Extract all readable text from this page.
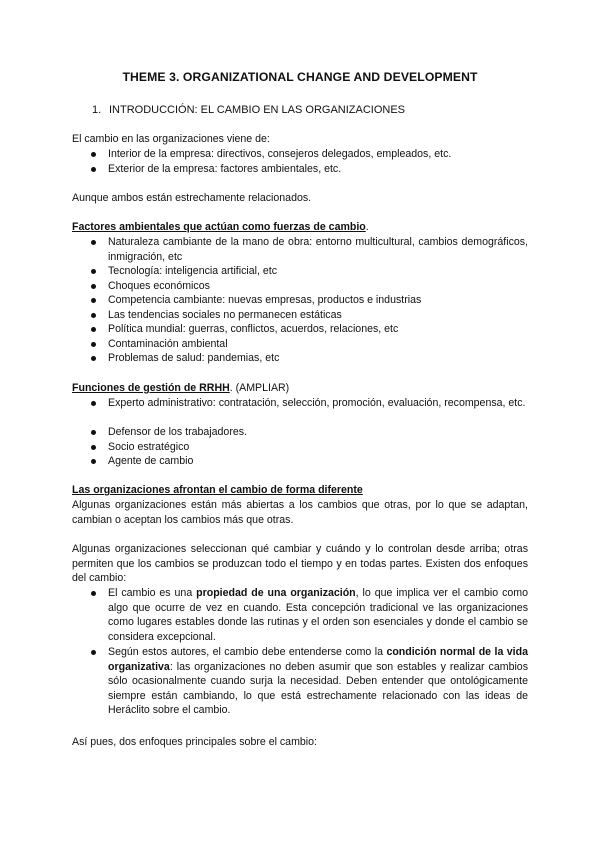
THEME 3. ORGANIZATIONAL CHANGE AND DEVELOPMENT
1. INTRODUCCIÓN: EL CAMBIO EN LAS ORGANIZACIONES
El cambio en las organizaciones viene de:
Interior de la empresa: directivos, consejeros delegados, empleados, etc.
Exterior de la empresa: factores ambientales, etc.
Aunque ambos están estrechamente relacionados.
Factores ambientales que actúan como fuerzas de cambio.
Naturaleza cambiante de la mano de obra: entorno multicultural, cambios demográficos, inmigración, etc
Tecnología: inteligencia artificial, etc
Choques económicos
Competencia cambiante: nuevas empresas, productos e industrias
Las tendencias sociales no permanecen estáticas
Política mundial: guerras, conflictos, acuerdos, relaciones, etc
Contaminación ambiental
Problemas de salud: pandemias, etc
Funciones de gestión de RRHH. (AMPLIAR)
Experto administrativo: contratación, selección, promoción, evaluación, recompensa, etc.
Defensor de los trabajadores.
Socio estratégico
Agente de cambio
Las organizaciones afrontan el cambio de forma diferente
Algunas organizaciones están más abiertas a los cambios que otras, por lo que se adaptan, cambian o aceptan los cambios más que otras.
Algunas organizaciones seleccionan qué cambiar y cuándo y lo controlan desde arriba; otras permiten que los cambios se produzcan todo el tiempo y en todas partes. Existen dos enfoques del cambio:
El cambio es una propiedad de una organización, lo que implica ver el cambio como algo que ocurre de vez en cuando. Esta concepción tradicional ve las organizaciones como lugares estables donde las rutinas y el orden son esenciales y donde el cambio se considera excepcional.
Según estos autores, el cambio debe entenderse como la condición normal de la vida organizativa: las organizaciones no deben asumir que son estables y realizar cambios sólo ocasionalmente cuando surja la necesidad. Deben entender que ontológicamente siempre están cambiando, lo que está estrechamente relacionado con las ideas de Heráclito sobre el cambio.
Así pues, dos enfoques principales sobre el cambio:
